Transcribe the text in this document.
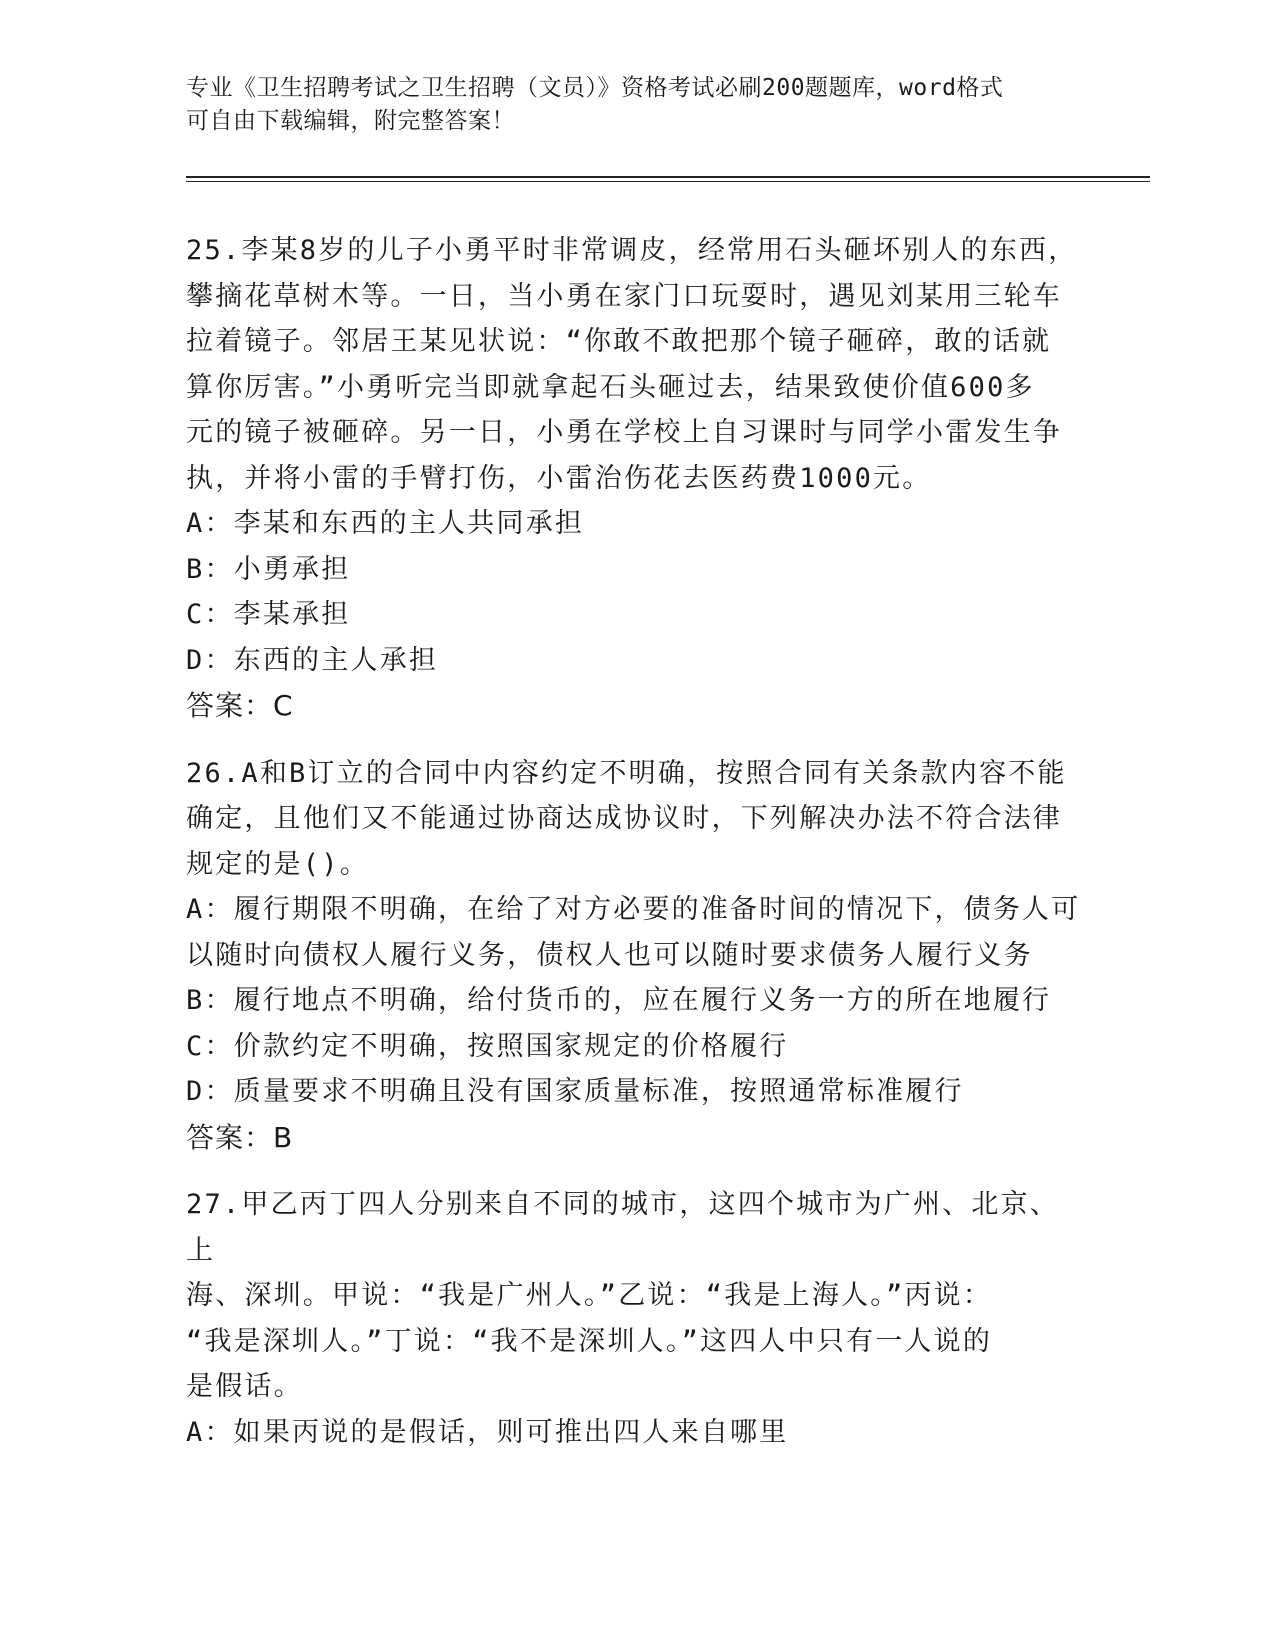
专业《卫生招聘考试之卫生招聘（文员）》资格考试必刷200题题库，word格式
可自由下载编辑，附完整答案！

25.李某8岁的儿子小勇平时非常调皮，经常用石头砸坏别人的东西，

攀摘花草树木等。一日，当小勇在家门口玩耍时，遇见刘某用三轮车

拉着镜子。邻居王某见状说：“你敢不敢把那个镜子砸碎，敢的话就

算你厉害。”小勇听完当即就拿起石头砸过去，结果致使价值600多

元的镜子被砸碎。另一日，小勇在学校上自习课时与同学小雷发生争

执，并将小雷的手臂打伤，小雷治伤花去医药费1000元。

A：李某和东西的主人共同承担

B：小勇承担

C：李某承担

D：东西的主人承担

答案：C

26.A和B订立的合同中内容约定不明确，按照合同有关条款内容不能

确定，且他们又不能通过协商达成协议时，下列解决办法不符合法律

规定的是()。

A：履行期限不明确，在给了对方必要的准备时间的情况下，债务人可

以随时向债权人履行义务，债权人也可以随时要求债务人履行义务

B：履行地点不明确，给付货币的，应在履行义务一方的所在地履行

C：价款约定不明确，按照国家规定的价格履行

D：质量要求不明确且没有国家质量标准，按照通常标准履行

答案：B

27.甲乙丙丁四人分别来自不同的城市，这四个城市为广州、北京、上

海、深圳。甲说：“我是广州人。”乙说：“我是上海人。”丙说：

“我是深圳人。”丁说：“我不是深圳人。”这四人中只有一人说的

是假话。

A：如果丙说的是假话，则可推出四人来自哪里
